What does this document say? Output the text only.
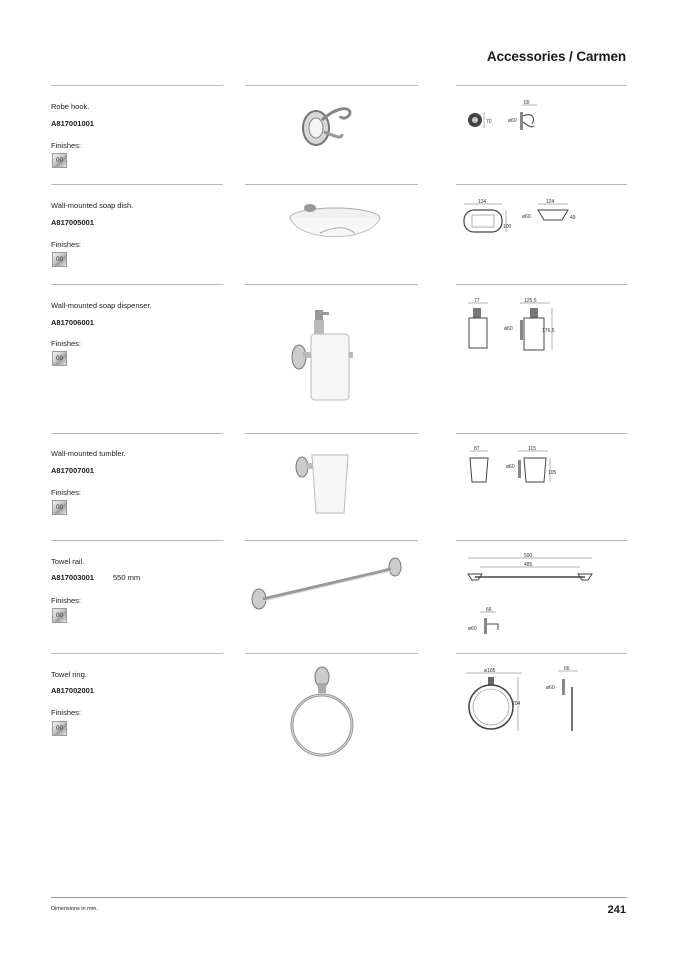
Accessories / Carmen
Robe hook.
A817001001
Finishes:
00
70
65
ø60
Wall-mounted soap dish.
A817005001
Finishes:
00
134
100
124
ø60	49
Wall-mounted soap dispenser.
A817006001
Finishes:
00
77	125,5
ø60	176,5
Wall-mounted tumbler.
A817007001
Finishes:
00
87	115
ø60
105
Towel rail.
A817003001	550 mm
Finishes:
00
590
485
66
ø60
Towel ring.
A817002001
Finishes:
00
ø185
204
66
ø60
Dimensions in mm.	241
